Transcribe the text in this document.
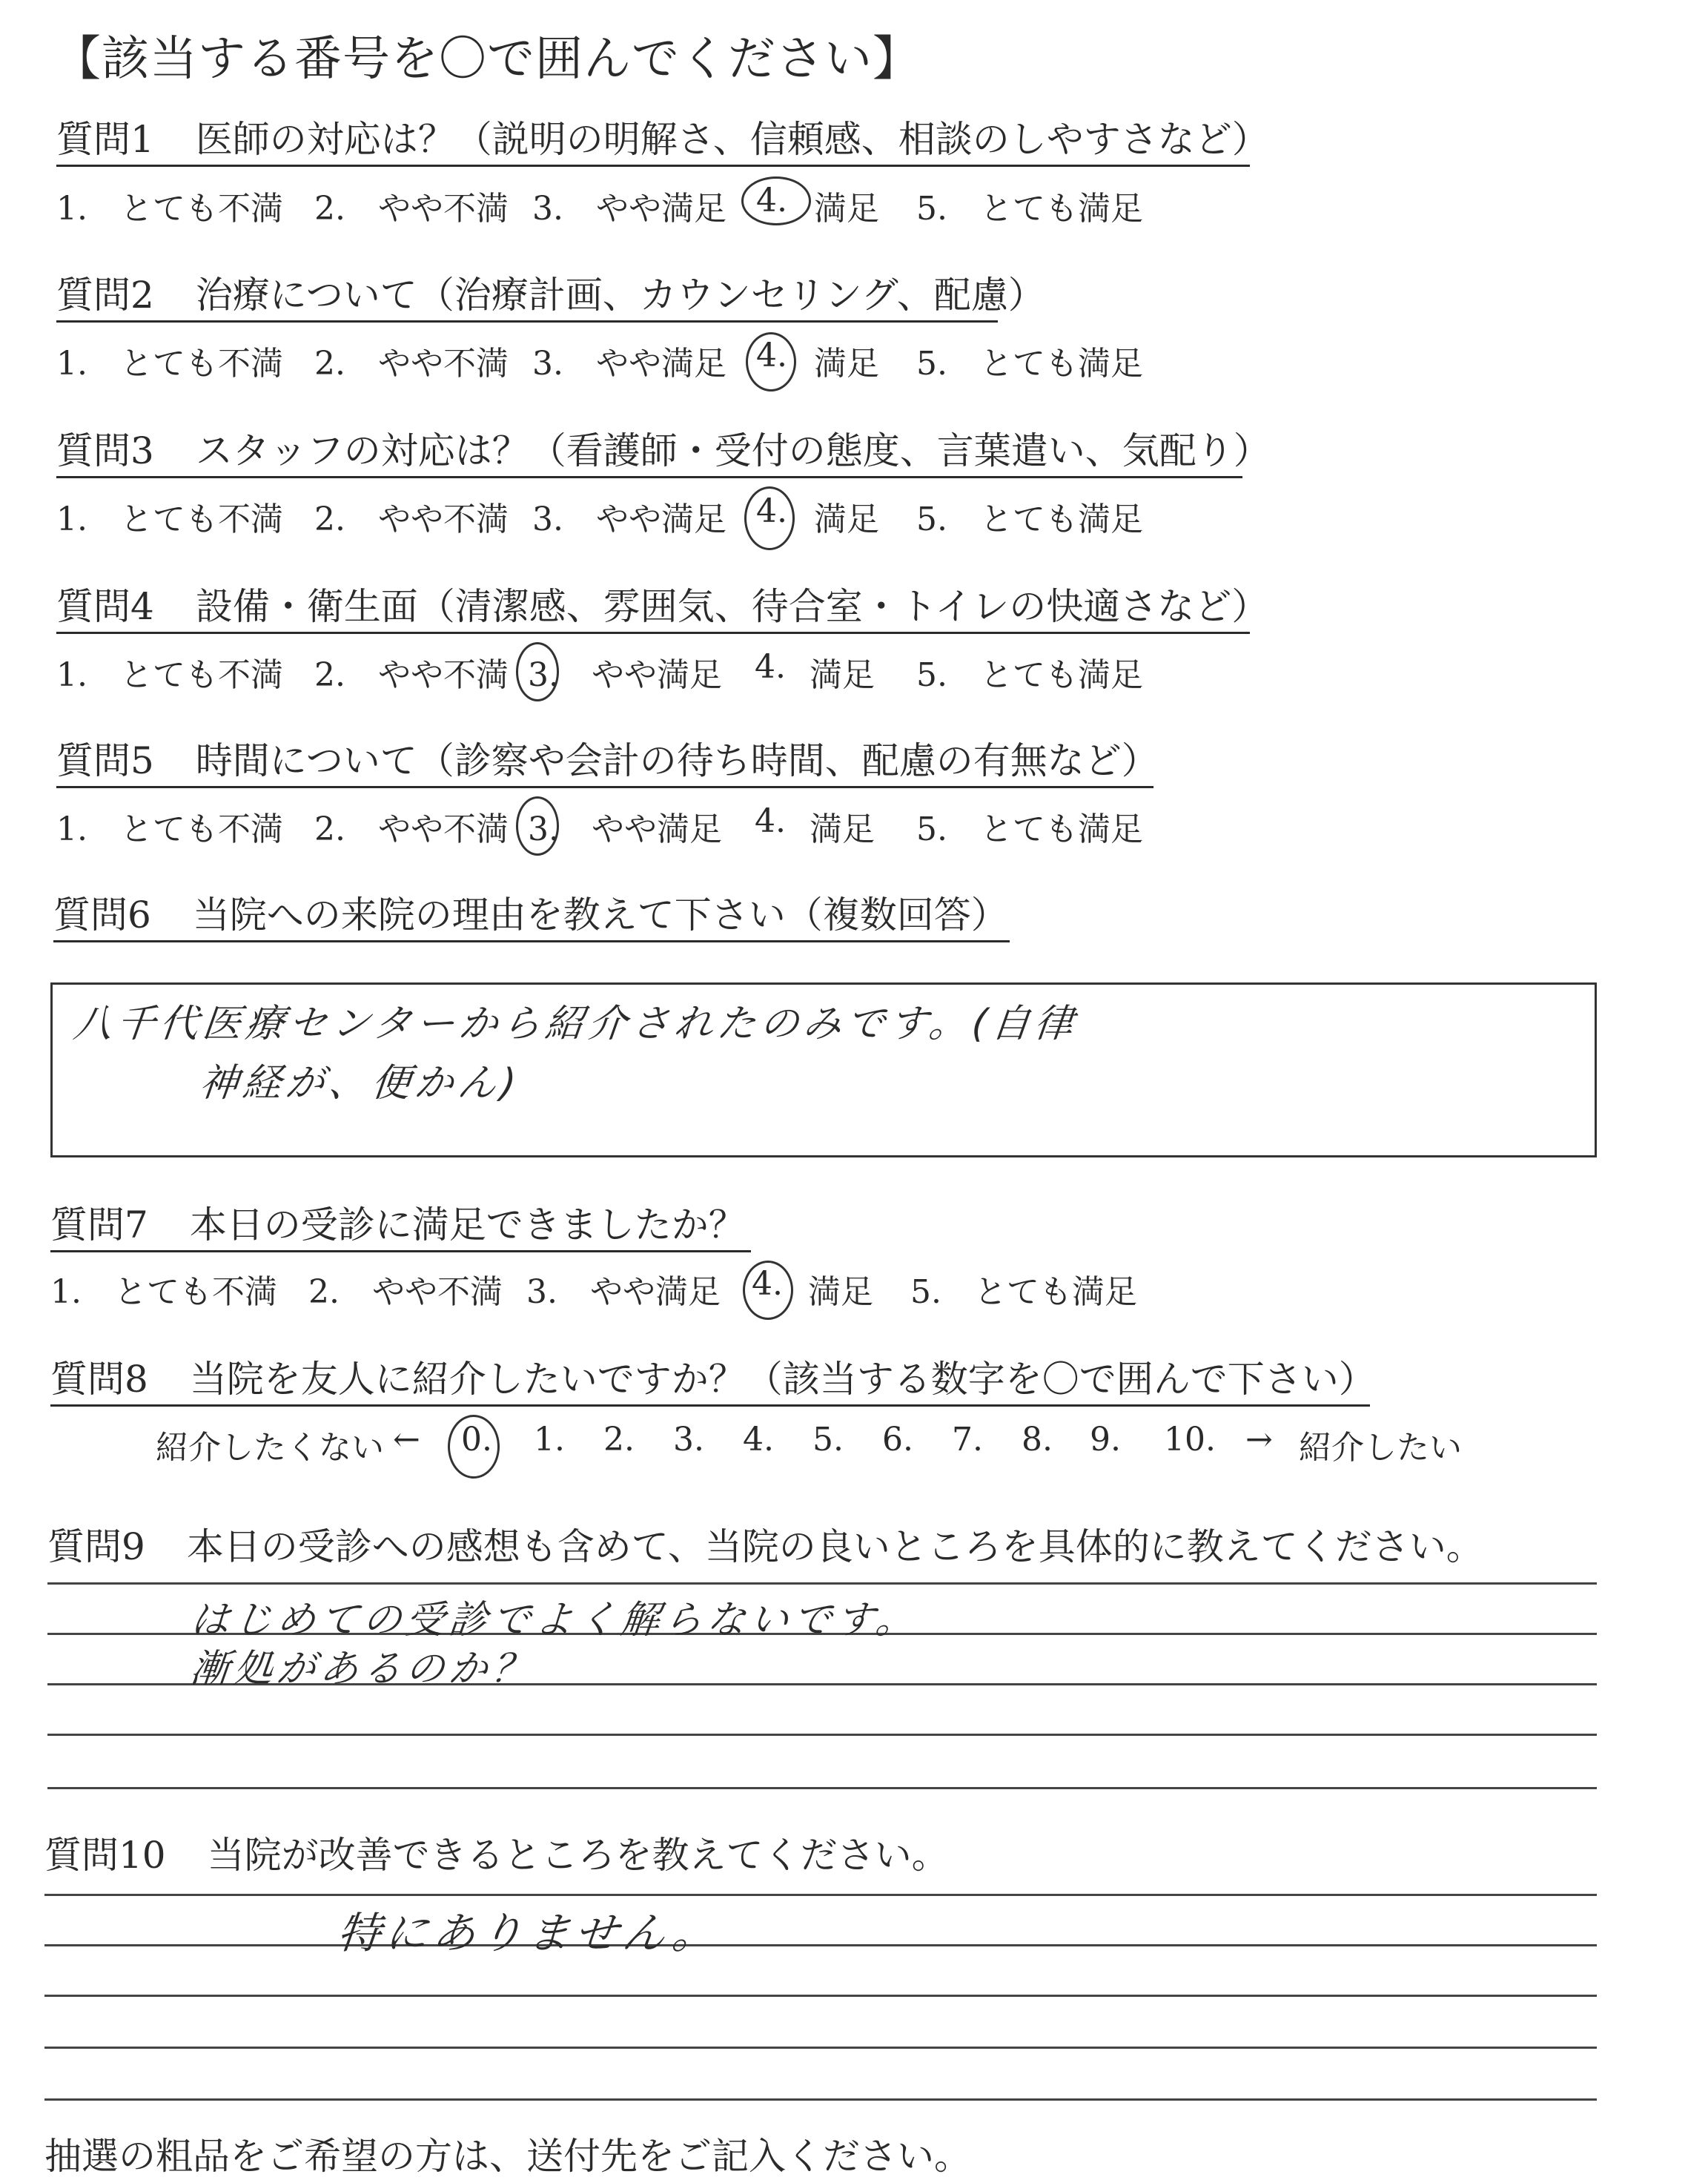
【該当する番号を〇で囲んでください】
質問1 医師の対応は？（説明の明解さ、信頼感、相談のしやすさなど）
1.　とても不満 2.　やや不満 3.　やや満足 4. 満足 5.　とても満足
質問2 治療について（治療計画、カウンセリング、配慮）
1.　とても不満 2.　やや不満 3.　やや満足 4. 満足 5.　とても満足
質問3 スタッフの対応は？（看護師・受付の態度、言葉遣い、気配り）
1.　とても不満 2.　やや不満 3.　やや満足 4. 満足 5.　とても満足
質問4 設備・衛生面（清潔感、雰囲気、待合室・トイレの快適さなど）
1.　とても不満 2.　やや不満 3.　やや満足 4. 満足 5.　とても満足
質問5 時間について（診察や会計の待ち時間、配慮の有無など）
1.　とても不満 2.　やや不満 3.　やや満足 4. 満足 5.　とても満足
質問6 当院への来院の理由を教えて下さい（複数回答）
八千代医療センターから紹介されたのみです。(自律
神経が、便かん)
質問7 本日の受診に満足できましたか？
1.　とても不満 2.　やや不満 3.　やや満足 4. 満足 5.　とても満足
質問8 当院を友人に紹介したいですか？（該当する数字を〇で囲んで下さい）
紹介したくない ← 0. 1. 2. 3. 4. 5. 6. 7. 8. 9. 10. → 紹介したい
質問9 本日の受診への感想も含めて、当院の良いところを具体的に教えてください。
はじめての受診でよく解らないです。
漸処があるのか？
質問10 当院が改善できるところを教えてください。
特にありません。
抽選の粗品をご希望の方は、送付先をご記入ください。
